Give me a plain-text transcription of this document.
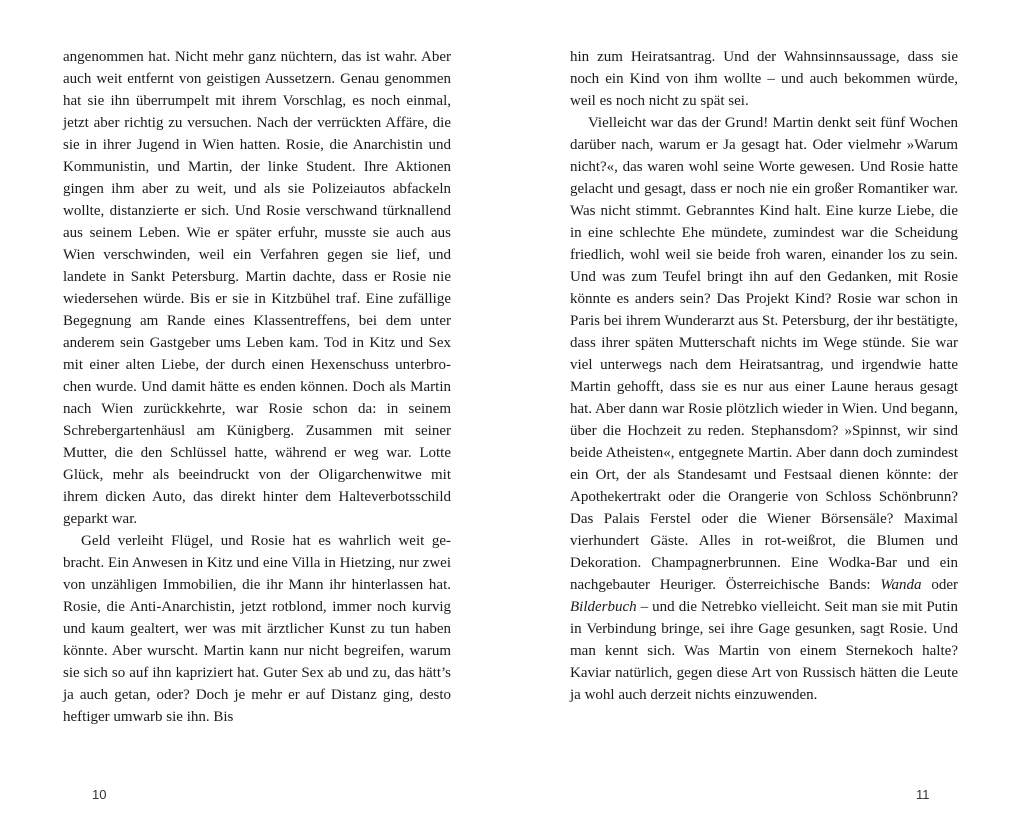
angenommen hat. Nicht mehr ganz nüchtern, das ist wahr. Aber auch weit entfernt von geistigen Aussetzern. Genau genommen hat sie ihn überrumpelt mit ihrem Vorschlag, es noch einmal, jetzt aber richtig zu versuchen. Nach der verrückten Affäre, die sie in ihrer Jugend in Wien hatten. Rosie, die Anarchistin und Kommunistin, und Martin, der linke Student. Ihre Aktionen gingen ihm aber zu weit, und als sie Polizeiautos abfackeln wollte, distanzierte er sich. Und Rosie verschwand türknallend aus seinem Leben. Wie er später erfuhr, musste sie auch aus Wien verschwinden, weil ein Verfahren gegen sie lief, und landete in Sankt Petersburg. Martin dachte, dass er Rosie nie wiedersehen würde. Bis er sie in Kitzbühel traf. Eine zufällige Begegnung am Rande eines Klassentreffens, bei dem unter anderem sein Gastgeber ums Leben kam. Tod in Kitz und Sex mit einer alten Liebe, der durch einen Hexenschuss unterbrochen wurde. Und damit hätte es enden können. Doch als Martin nach Wien zurückkehrte, war Rosie schon da: in seinem Schrebergartenhäusl am Künigberg. Zusammen mit seiner Mutter, die den Schlüssel hatte, während er weg war. Lotte Glück, mehr als beeindruckt von der Oligarchenwitwe mit ihrem dicken Auto, das direkt hinter dem Halteverbotsschild geparkt war.

Geld verleiht Flügel, und Rosie hat es wahrlich weit gebracht. Ein Anwesen in Kitz und eine Villa in Hietzing, nur zwei von unzähligen Immobilien, die ihr Mann ihr hinterlassen hat. Rosie, die Anti-Anarchistin, jetzt rotblond, immer noch kurvig und kaum gealtert, wer was mit ärztlicher Kunst zu tun haben könnte. Aber wurscht. Martin kann nur nicht begreifen, warum sie sich so auf ihn kapriziert hat. Guter Sex ab und zu, das hätt’s ja auch getan, oder? Doch je mehr er auf Distanz ging, desto heftiger umwarb sie ihn. Bis

hin zum Heiratsantrag. Und der Wahnsinnsaussage, dass sie noch ein Kind von ihm wollte – und auch bekommen würde, weil es noch nicht zu spät sei.

Vielleicht war das der Grund! Martin denkt seit fünf Wochen darüber nach, warum er Ja gesagt hat. Oder vielmehr »Warum nicht?«, das waren wohl seine Worte gewesen. Und Rosie hatte gelacht und gesagt, dass er noch nie ein großer Romantiker war. Was nicht stimmt. Gebranntes Kind halt. Eine kurze Liebe, die in eine schlechte Ehe mündete, zumindest war die Scheidung friedlich, wohl weil sie beide froh waren, einander los zu sein. Und was zum Teufel bringt ihn auf den Gedanken, mit Rosie könnte es anders sein? Das Projekt Kind? Rosie war schon in Paris bei ihrem Wunderarzt aus St. Petersburg, der ihr bestätigte, dass ihrer späten Mutterschaft nichts im Wege stünde. Sie war viel unterwegs nach dem Heiratsantrag, und irgendwie hatte Martin gehofft, dass sie es nur aus einer Laune heraus gesagt hat. Aber dann war Rosie plötzlich wieder in Wien. Und begann, über die Hochzeit zu reden. Stephansdom? »Spinnst, wir sind beide Atheisten«, entgegnete Martin. Aber dann doch zumindest ein Ort, der als Standesamt und Festsaal dienen könnte: der Apothekertrakt oder die Orangerie von Schloss Schönbrunn? Das Palais Ferstel oder die Wiener Börsensäle? Maximal vierhundert Gäste. Alles in rot-weißrot, die Blumen und Dekoration. Champagnerbrunnen. Eine Wodka-Bar und ein nachgebauter Heuriger. Österreichische Bands: Wanda oder Bilderbuch – und die Netrebko vielleicht. Seit man sie mit Putin in Verbindung bringe, sei ihre Gage gesunken, sagt Rosie. Und man kennt sich. Was Martin von einem Sternekoch halte? Kaviar natürlich, gegen diese Art von Russisch hätten die Leute ja wohl auch derzeit nichts einzuwenden.

10	11
